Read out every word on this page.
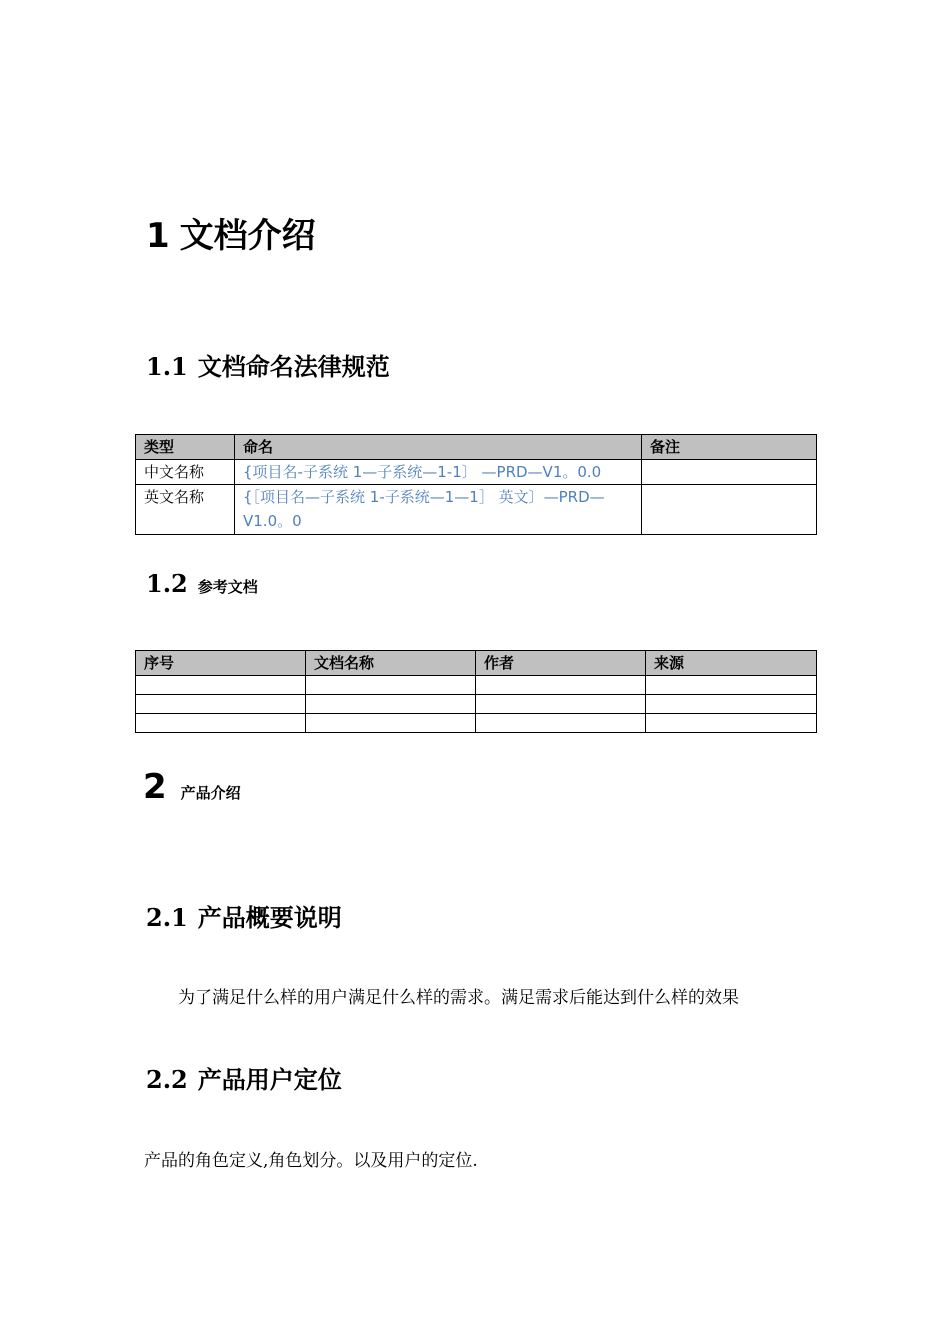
1 文档介绍
1.1 文档命名法律规范
类型	命名	备注
中文名称	{项目名-子系统 1—子系统—1-1〕 —PRD—V1。0.0	
英文名称	{［项目名—子系统 1-子系统—1—1］ 英文〕—PRD—V1.0。0	
1.2 参考文档
序号	文档名称	作者	来源

2 产品介绍
2.1 产品概要说明
为了满足什么样的用户满足什么样的需求。满足需求后能达到什么样的效果
2.2 产品用户定位
产品的角色定义,角色划分。以及用户的定位.
